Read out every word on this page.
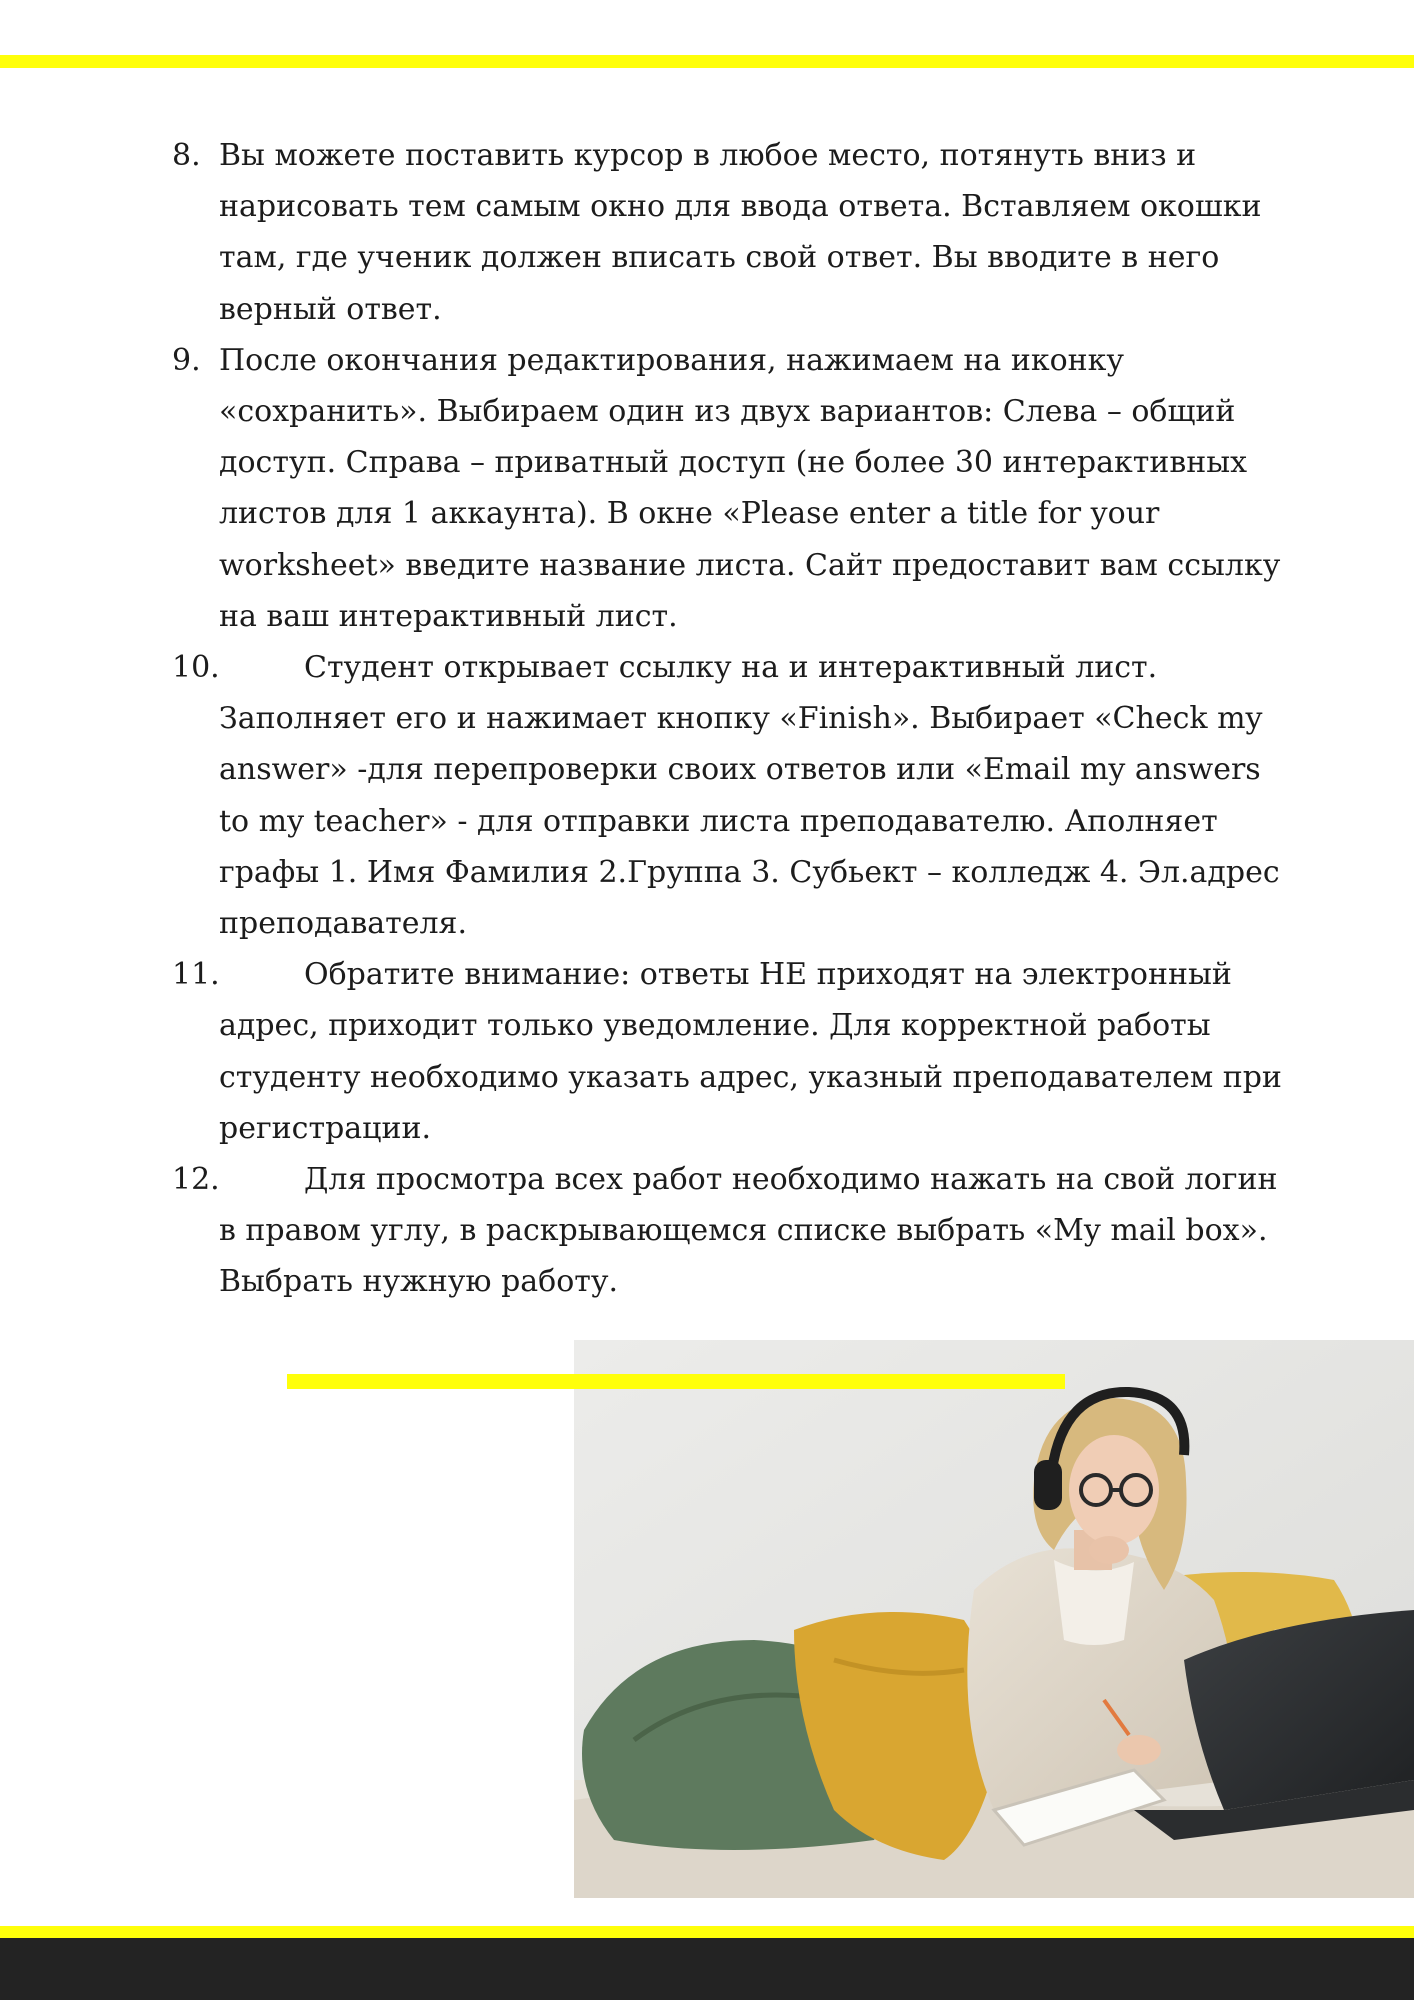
8. Вы можете поставить курсор в любое место, потянуть вниз и нарисовать тем самым окно для ввода ответа. Вставляем окошки там, где ученик должен вписать свой ответ. Вы вводите в него верный ответ.
9. После окончания редактирования, нажимаем на иконку «сохранить». Выбираем один из двух вариантов: Слева – общий доступ. Справа – приватный доступ (не более 30 интерактивных листов для 1 аккаунта). В окне «Please enter a title for your worksheet» введите название листа. Сайт предоставит вам ссылку на ваш интерактивный лист.
10.	Студент открывает ссылку на и интерактивный лист. Заполняет его и нажимает кнопку «Finish». Выбирает «Check my answer» -для перепроверки своих ответов или «Email my answers to my teacher» - для отправки листа преподавателю. Аполняет графы 1. Имя Фамилия 2.Группа 3. Субьект – колледж 4. Эл.адрес преподавателя.
11.	Обратите внимание: ответы НЕ приходят на электронный адрес, приходит только уведомление. Для корректной работы студенту необходимо указать адрес, указный преподавателем при регистрации.
12.	Для просмотра всех работ необходимо нажать на свой логин в правом углу, в раскрывающемся списке выбрать «My mail box». Выбрать нужную работу.
